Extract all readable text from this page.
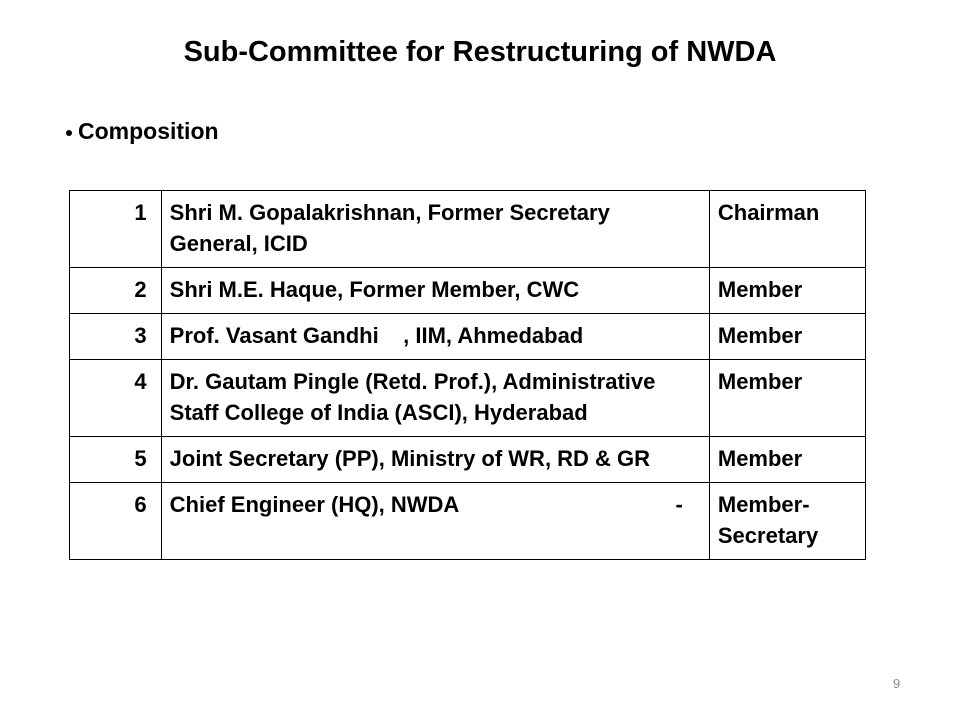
Sub-Committee for Restructuring of NWDA
Composition
1	Shri M. Gopalakrishnan, Former Secretary General, ICID	Chairman
2	Shri M.E. Haque, Former Member, CWC	Member
3	Prof. Vasant Gandhi    , IIM, Ahmedabad	Member
4	Dr. Gautam Pingle (Retd. Prof.), Administrative Staff College of India (ASCI), Hyderabad	Member
5	Joint Secretary (PP), Ministry of WR, RD & GR	Member
6	Chief Engineer (HQ), NWDA -	Member-Secretary
9
